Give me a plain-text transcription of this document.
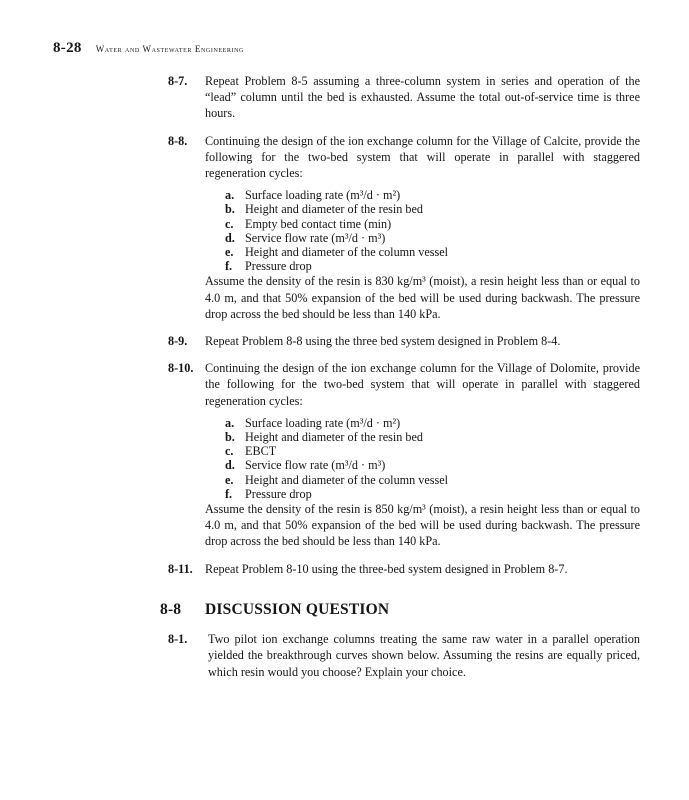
8-28 Water and Wastewater Engineering
8-7.	Repeat Problem 8-5 assuming a three-column system in series and operation of the “lead” column until the bed is exhausted. Assume the total out-of-service time is three hours.

8-8.	Continuing the design of the ion exchange column for the Village of Calcite, provide the following for the two-bed system that will operate in parallel with staggered regeneration cycles:

a. Surface loading rate (m³/d · m²)
b. Height and diameter of the resin bed
c. Empty bed contact time (min)
d. Service flow rate (m³/d · m³)
e. Height and diameter of the column vessel
f.	Pressure drop

Assume the density of the resin is 830 kg/m³ (moist), a resin height less than or equal to 4.0 m, and that 50% expansion of the bed will be used during backwash. The pressure drop across the bed should be less than 140 kPa.

8-9.	Repeat Problem 8-8 using the three bed system designed in Problem 8-4.

8-10. Continuing the design of the ion exchange column for the Village of Dolomite, provide the following for the two-bed system that will operate in parallel with staggered regeneration cycles:

a. Surface loading rate (m³/d · m²)
b. Height and diameter of the resin bed
c. EBCT
d. Service flow rate (m³/d · m³)
e. Height and diameter of the column vessel
f.	Pressure drop

Assume the density of the resin is 850 kg/m³ (moist), a resin height less than or equal to 4.0 m, and that 50% expansion of the bed will be used during backwash. The pressure drop across the bed should be less than 140 kPa.

8-11.	Repeat Problem 8-10 using the three-bed system designed in Problem 8-7.

8-8	DISCUSSION QUESTION
8-1.	Two pilot ion exchange columns treating the same raw water in a parallel operation yielded the breakthrough curves shown below. Assuming the resins are equally priced, which resin would you choose? Explain your choice.
